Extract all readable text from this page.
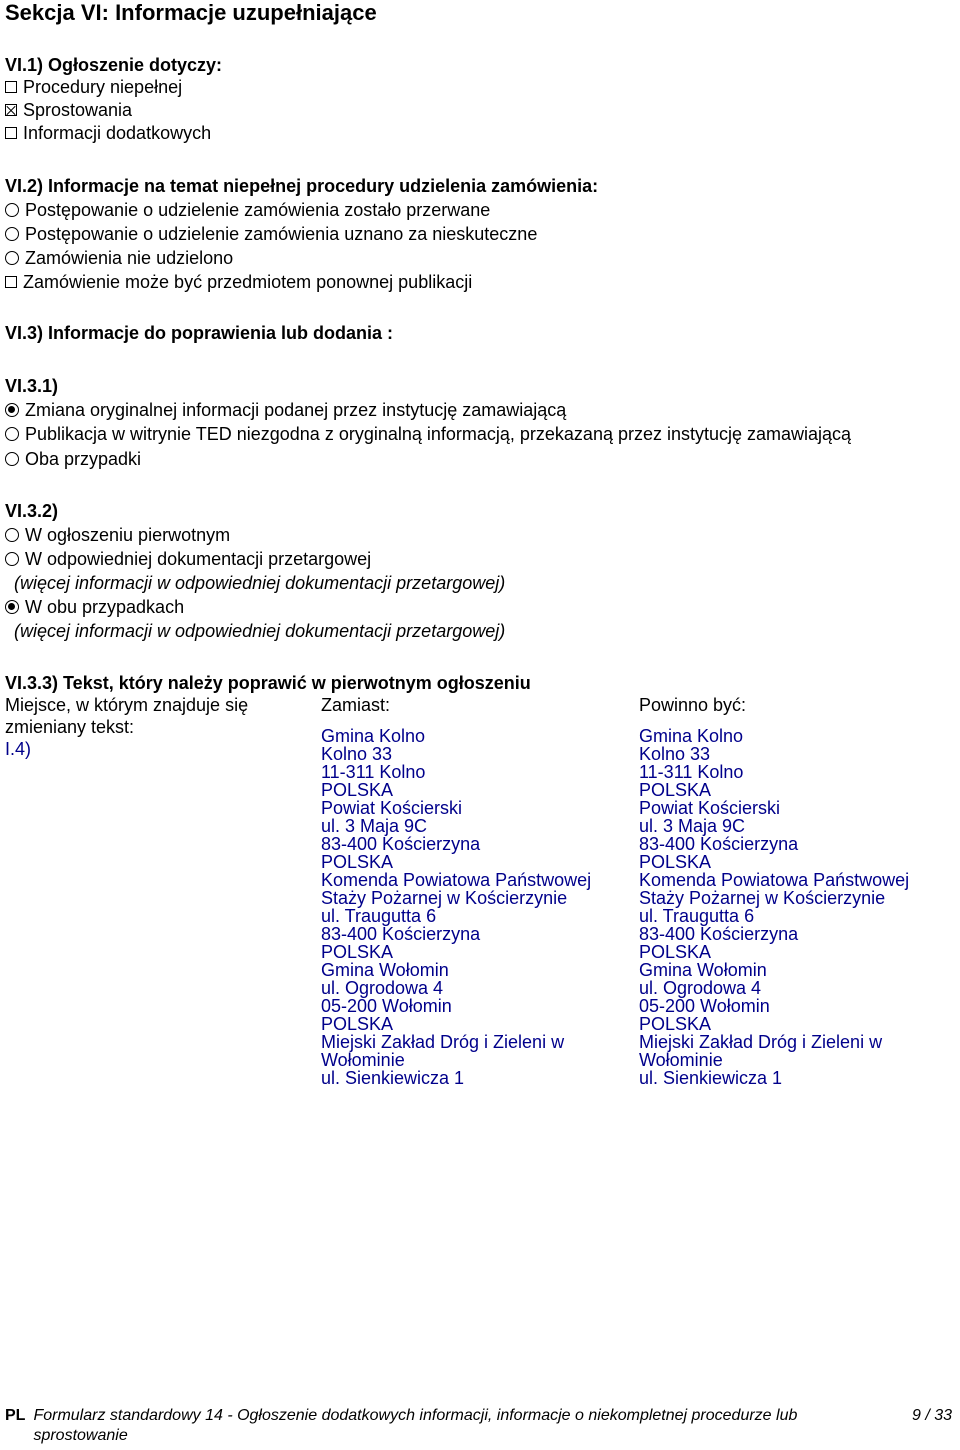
Sekcja VI: Informacje uzupełniające
VI.1) Ogłoszenie dotyczy:
Procedury niepełnej
Sprostowania
Informacji dodatkowych
VI.2) Informacje na temat niepełnej procedury udzielenia zamówienia:
Postępowanie o udzielenie zamówienia zostało przerwane
Postępowanie o udzielenie zamówienia uznano za nieskuteczne
Zamówienia nie udzielono
Zamówienie może być przedmiotem ponownej publikacji
VI.3) Informacje do poprawienia lub dodania :
VI.3.1)
Zmiana oryginalnej informacji podanej przez instytucję zamawiającą
Publikacja w witrynie TED niezgodna z oryginalną informacją, przekazaną przez instytucję zamawiającą
Oba przypadki
VI.3.2)
W ogłoszeniu pierwotnym
W odpowiedniej dokumentacji przetargowej
(więcej informacji w odpowiedniej dokumentacji przetargowej)
W obu przypadkach
(więcej informacji w odpowiedniej dokumentacji przetargowej)
VI.3.3) Tekst, który należy poprawić w pierwotnym ogłoszeniu
Miejsce, w którym znajduje się zmieniany tekst:
I.4)
Zamiast:	Powinno być:
Gmina Kolno
Kolno 33
11-311 Kolno
POLSKA
Powiat Kościerski
ul. 3 Maja 9C
83-400 Kościerzyna
POLSKA
Komenda Powiatowa Państwowej
Staży Pożarnej w Kościerzynie
ul. Traugutta 6
83-400 Kościerzyna
POLSKA
Gmina Wołomin
ul. Ogrodowa 4
05-200 Wołomin
POLSKA
Miejski Zakład Dróg i Zieleni w
Wołominie
ul. Sienkiewicza 1
Gmina Kolno
Kolno 33
11-311 Kolno
POLSKA
Powiat Kościerski
ul. 3 Maja 9C
83-400 Kościerzyna
POLSKA
Komenda Powiatowa Państwowej
Staży Pożarnej w Kościerzynie
ul. Traugutta 6
83-400 Kościerzyna
POLSKA
Gmina Wołomin
ul. Ogrodowa 4
05-200 Wołomin
POLSKA
Miejski Zakład Dróg i Zieleni w
Wołominie
ul. Sienkiewicza 1
PL Formularz standardowy 14 - Ogłoszenie dodatkowych informacji, informacje o niekompletnej procedurze lub sprostowanie
9 / 33
